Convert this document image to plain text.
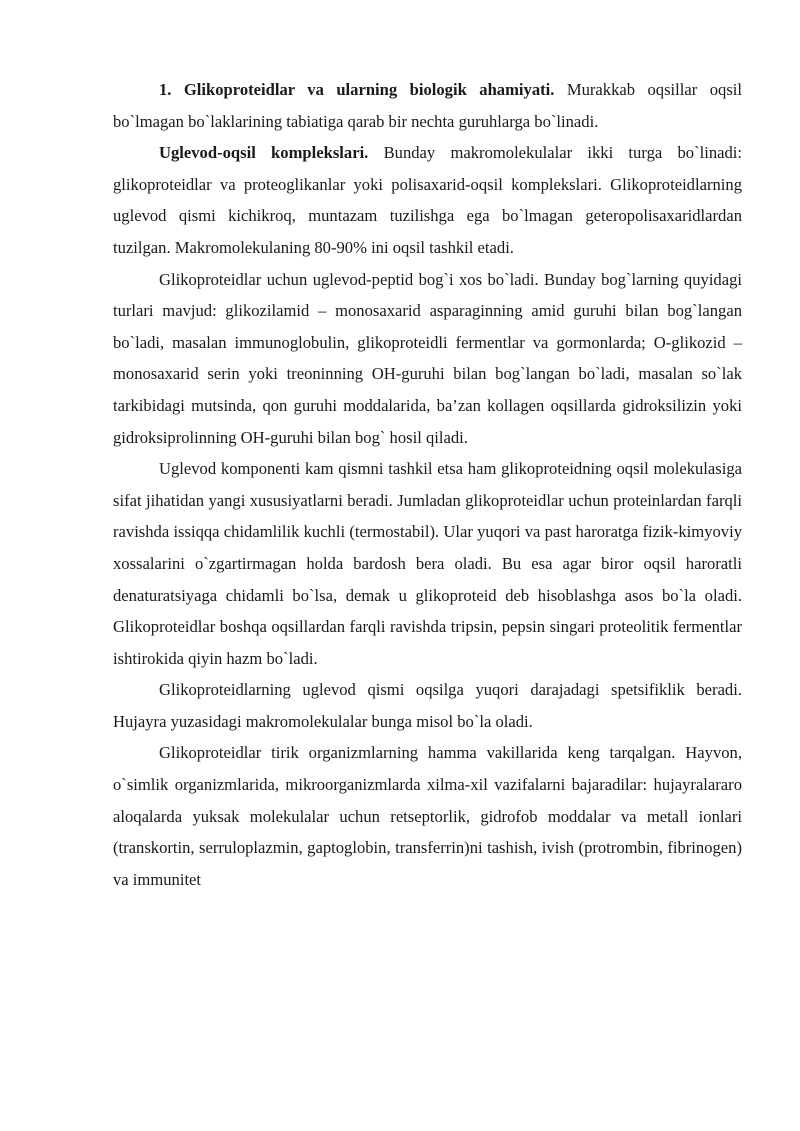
1. Glikoproteidlar va ularning biologik ahamiyati. Murakkab oqsillar oqsil bo`lmagan bo`laklarining tabiatiga qarab bir nechta guruhlarga bo`linadi.

Uglevod-oqsil komplekslari. Bunday makromolekulalar ikki turga bo`linadi: glikoproteidlar va proteoglikanlar yoki polisaxarid-oqsil komplekslari. Glikoproteidlarning uglevod qismi kichikroq, muntazam tuzilishga ega bo`lmagan geteropolisaxaridlardan tuzilgan. Makromolekulaning 80-90% ini oqsil tashkil etadi.

Glikoproteidlar uchun uglevod-peptid bog`i xos bo`ladi. Bunday bog`larning quyidagi turlari mavjud: glikozilamid – monosaxarid asparaginning amid guruhi bilan bog`langan bo`ladi, masalan immunoglobulin, glikoproteidli fermentlar va gormonlarda; O-glikozid – monosaxarid serin yoki treoninning OH-guruhi bilan bog`langan bo`ladi, masalan so`lak tarkibidagi mutsinda, qon guruhi moddalarida, ba’zan kollagen oqsillarda gidroksilizin yoki gidroksiprolinning OH-guruhi bilan bog` hosil qiladi.

Uglevod komponenti kam qismni tashkil etsa ham glikoproteidning oqsil molekulasiga sifat jihatidan yangi xususiyatlarni beradi. Jumladan glikoproteidlar uchun proteinlardan farqli ravishda issiqqa chidamlilik kuchli (termostabil). Ular yuqori va past haroratga fizik-kimyoviy xossalarini o`zgartirmagan holda bardosh bera oladi. Bu esa agar biror oqsil haroratli denaturatsiyaga chidamli bo`lsa, demak u glikoproteid deb hisoblashga asos bo`la oladi. Glikoproteidlar boshqa oqsillardan farqli ravishda tripsin, pepsin singari proteolitik fermentlar ishtirokida qiyin hazm bo`ladi.

Glikoproteidlarning uglevod qismi oqsilga yuqori darajadagi spetsifiklik beradi. Hujayra yuzasidagi makromolekulalar bunga misol bo`la oladi.

Glikoproteidlar tirik organizmlarning hamma vakillarida keng tarqalgan. Hayvon, o`simlik organizmlarida, mikroorganizmlarda xilma-xil vazifalarni bajaradilar: hujayralararo aloqalarda yuksak molekulalar uchun retseptorlik, gidrofob moddalar va metall ionlari (transkortin, serruloplazmin, gaptoglobin, transferrin)ni tashish, ivish (protrombin, fibrinogen) va immunitet
